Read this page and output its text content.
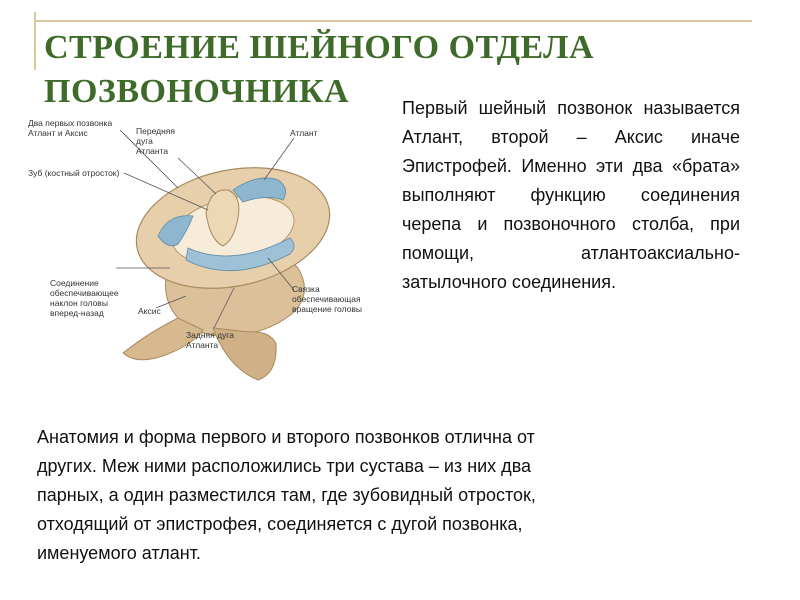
СТРОЕНИЕ ШЕЙНОГО ОТДЕЛА
ПОЗВОНОЧНИКА
Два первых позвонка
Атлант и Аксис	Передняя
дуга
Атланта
Атлант
Зуб (костный отросток)
Соединение
обеспечивающее
наклон головы
вперед-назад
Связка
обеспечивающая
вращение головы
Аксис
Задняя дуга
Атланта

Первый шейный позвонок называется Атлант, второй – Аксис иначе Эпистрофей. Именно эти два «брата» выполняют функцию соединения черепа и позвоночного столба, при помощи, атлантоаксиально-затылочного соединения.

Анатомия и форма первого и второго позвонков отлична от
других. Меж ними расположились три сустава – из них два
парных, а один разместился там, где зубовидный отросток,
отходящий от эпистрофея, соединяется с дугой позвонка,
именуемого атлант.
